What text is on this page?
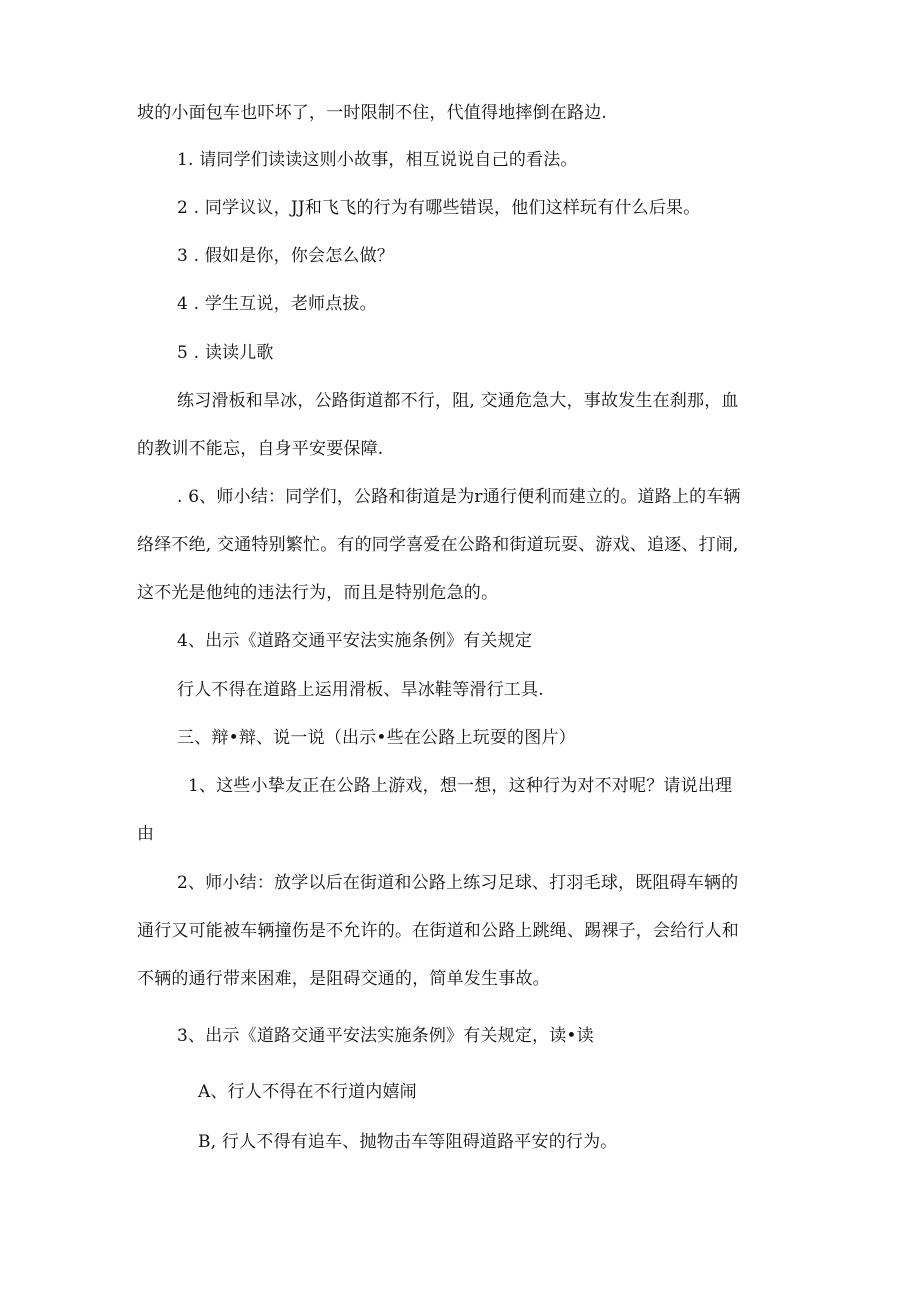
坡的小面包车也吓坏了，一时限制不住，代值得地摔倒在路边.
1. 请同学们读读这则小故事，相互说说自己的看法。
2 . 同学议议，JJ和飞飞的行为有哪些错误，他们这样玩有什么后果。
3 . 假如是你，你会怎么做？
4 . 学生互说，老师点拔。
5 . 读读儿歌
练习滑板和旱冰，公路街道都不行，阻, 交通危急大，事故发生在刹那，血
的教训不能忘，自身平安要保障.
. 6、师小结：同学们，公路和街道是为r通行便利而建立的。道路上的车辆
络绎不绝, 交通特别繁忙。有的同学喜爱在公路和街道玩耍、游戏、追逐、打闹,
这不光是他纯的违法行为，而且是特别危急的。
4、出示《道路交通平安法实施条例》有关规定
行人不得在道路上运用滑板、旱冰鞋等滑行工具.
三、辩•辩、说一说（出示•些在公路上玩耍的图片）
1、这些小挚友正在公路上游戏，想一想，这种行为对不对呢？请说出理
由
2、师小结：放学以后在街道和公路上练习足球、打羽毛球，既阻碍车辆的
通行又可能被车辆撞伤是不允许的。在街道和公路上跳绳、踢裸子，会给行人和
不辆的通行带来困难，是阻碍交通的，简单发生事故。
3、出示《道路交通平安法实施条例》有关规定，读•读
A、行人不得在不行道内嬉闹
B, 行人不得有追车、抛物击车等阻碍道路平安的行为。
